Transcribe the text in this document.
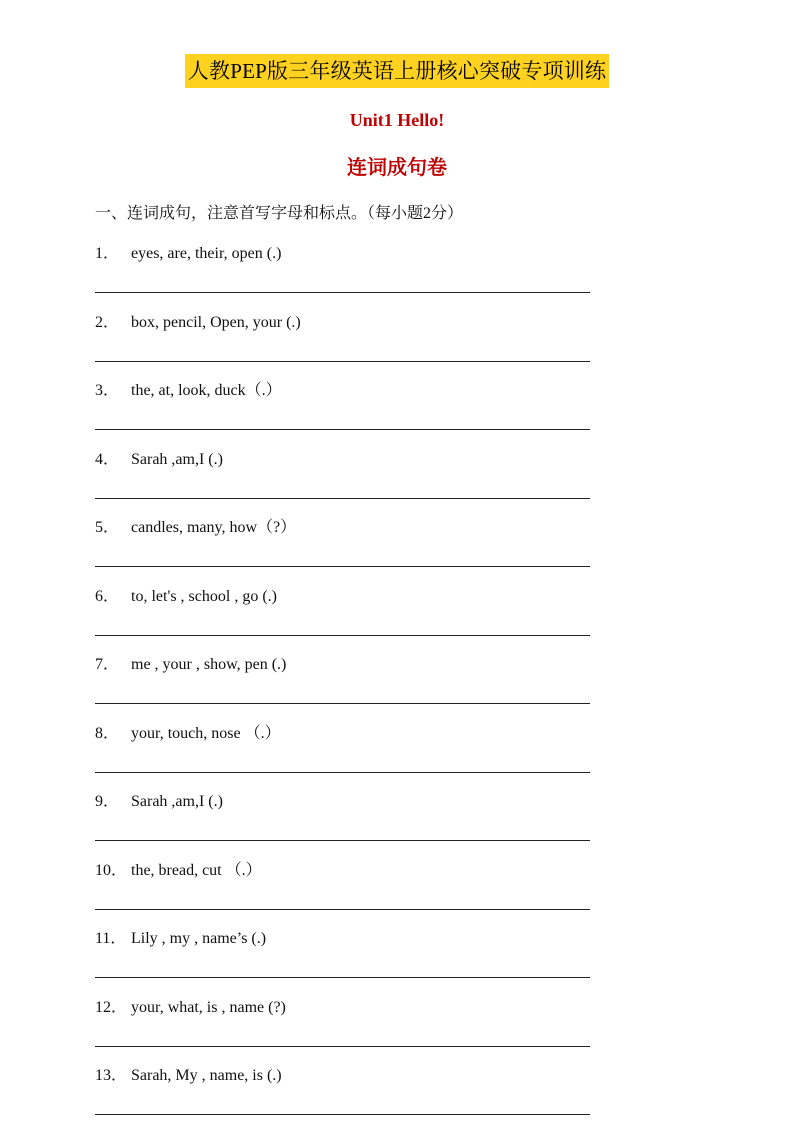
人教PEP版三年级英语上册核心突破专项训练
Unit1 Hello!
连词成句卷
一、连词成句，注意首写字母和标点。（每小题2分）
1． eyes, are, their, open (.)
2． box, pencil, Open, your (.)
3． the, at, look, duck（.）
4． Sarah ,am,I (.)
5． candles, many, how（?）
6． to, let's , school , go (.)
7． me , your , show, pen (.)
8． your, touch, nose （.）
9． Sarah ,am,I (.)
10． the, bread, cut （.）
11． Lily , my , name’s (.)
12． your, what, is , name (?)
13． Sarah, My , name, is (.)
